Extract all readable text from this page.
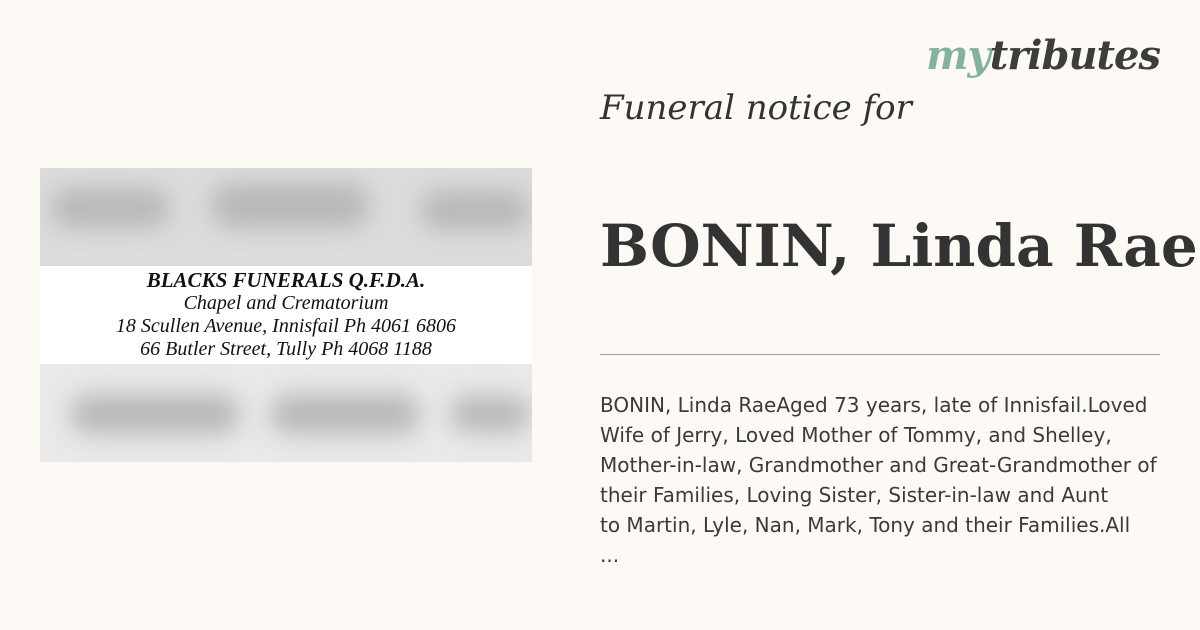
mytributes
BLACKS FUNERALS Q.F.D.A.
Chapel and Crematorium
18 Scullen Avenue, Innisfail Ph 4061 6806
66 Butler Street, Tully Ph 4068 1188
Funeral notice for
BONIN, Linda Rae
BONIN, Linda RaeAged 73 years, late of Innisfail.Loved
Wife of Jerry, Loved Mother of Tommy, and Shelley,
Mother-in-law, Grandmother and Great-Grandmother of
their Families, Loving Sister, Sister-in-law and Aunt
to Martin, Lyle, Nan, Mark, Tony and their Families.All
...
